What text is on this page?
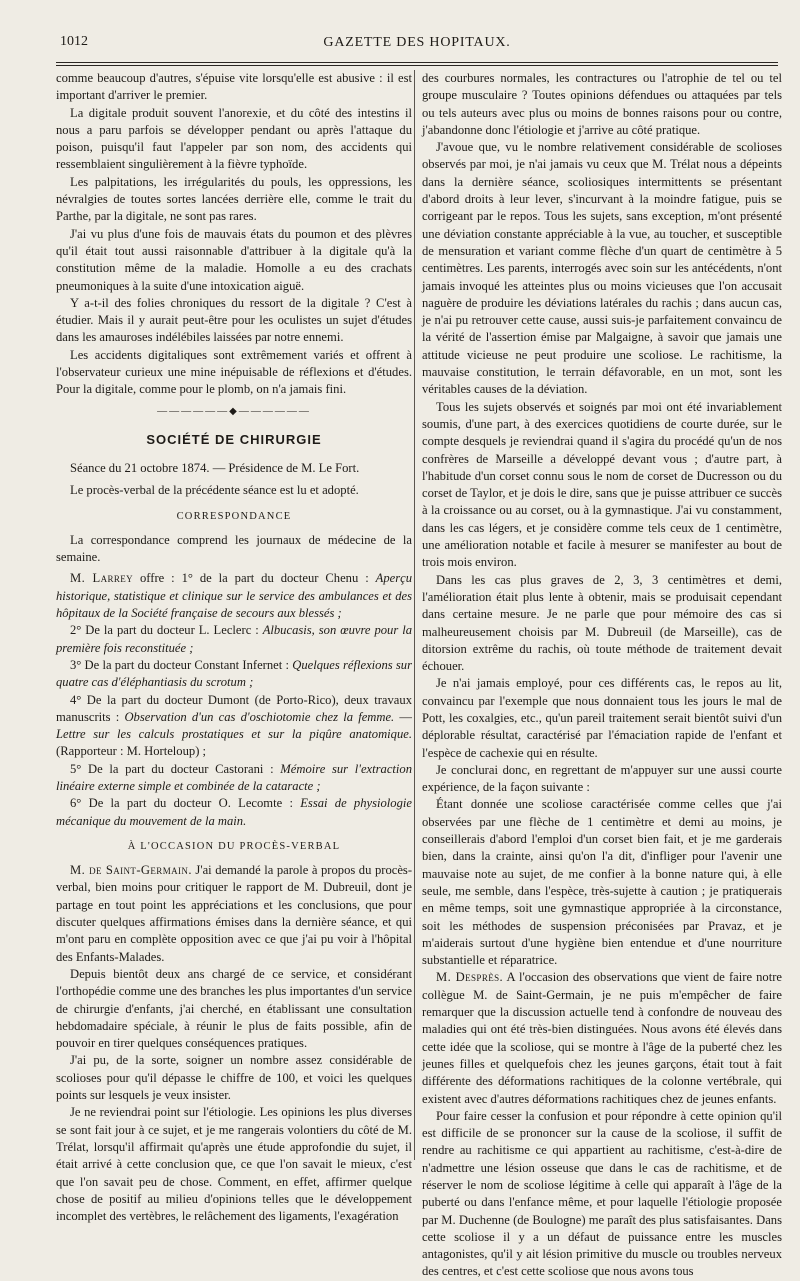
1012	GAZETTE DES HOPITAUX.

comme beaucoup d'autres, s'épuise vite lorsqu'elle est abusive : il est important d'arriver le premier.

La digitale produit souvent l'anorexie, et du côté des intestins il nous a paru parfois se développer pendant ou après l'attaque du poison, puisqu'il faut l'appeler par son nom, des accidents qui ressemblaient singulièrement à la fièvre typhoïde.

Les palpitations, les irrégularités du pouls, les oppressions, les névralgies de toutes sortes lancées derrière elle, comme le trait du Parthe, par la digitale, ne sont pas rares.

J'ai vu plus d'une fois de mauvais états du poumon et des plèvres qu'il était tout aussi raisonnable d'attribuer à la digitale qu'à la constitution même de la maladie. Homolle a eu des crachats pneumoniques à la suite d'une intoxication aiguë.

Y a-t-il des folies chroniques du ressort de la digitale ? C'est à étudier. Mais il y aurait peut-être pour les oculistes un sujet d'études dans les amauroses indélébiles laissées par notre ennemi.

Les accidents digitaliques sont extrêmement variés et offrent à l'observateur curieux une mine inépuisable de réflexions et d'études. Pour la digitale, comme pour le plomb, on n'a jamais fini.

——————◆——————
SOCIÉTÉ DE CHIRURGIE

Séance du 21 octobre 1874. — Présidence de M. Le Fort.

Le procès-verbal de la précédente séance est lu et adopté.

CORRESPONDANCE

La correspondance comprend les journaux de médecine de la semaine.

M. Larrey offre : 1° de la part du docteur Chenu : Aperçu historique, statistique et clinique sur le service des ambulances et des hôpitaux de la Société française de secours aux blessés ;

2° De la part du docteur L. Leclerc : Albucasis, son œuvre pour la première fois reconstituée ;

3° De la part du docteur Constant Infernet : Quelques réflexions sur quatre cas d'éléphantiasis du scrotum ;

4° De la part du docteur Dumont (de Porto-Rico), deux travaux manuscrits : Observation d'un cas d'oschiotomie chez la femme. — Lettre sur les calculs prostatiques et sur la piqûre anatomique. (Rapporteur : M. Horteloup) ;

5° De la part du docteur Castorani : Mémoire sur l'extraction linéaire externe simple et combinée de la cataracte ;

6° De la part du docteur O. Lecomte : Essai de physiologie mécanique du mouvement de la main.

À L'OCCASION DU PROCÈS-VERBAL

M. de Saint-Germain. J'ai demandé la parole à propos du procès-verbal, bien moins pour critiquer le rapport de M. Dubreuil, dont je partage en tout point les appréciations et les conclusions, que pour discuter quelques affirmations émises dans la dernière séance, et qui m'ont paru en complète opposition avec ce que j'ai pu voir à l'hôpital des Enfants-Malades.

Depuis bientôt deux ans chargé de ce service, et considérant l'orthopédie comme une des branches les plus importantes d'un service de chirurgie d'enfants, j'ai cherché, en établissant une consultation hebdomadaire spéciale, à réunir le plus de faits possible, afin de pouvoir en tirer quelques conséquences pratiques.

J'ai pu, de la sorte, soigner un nombre assez considérable de scolioses pour qu'il dépasse le chiffre de 100, et voici les quelques points sur lesquels je veux insister.

Je ne reviendrai point sur l'étiologie. Les opinions les plus diverses se sont fait jour à ce sujet, et je me rangerais volontiers du côté de M. Trélat, lorsqu'il affirmait qu'après une étude approfondie du sujet, il était arrivé à cette conclusion que, ce que l'on savait le mieux, c'est que l'on savait peu de chose. Comment, en effet, affirmer quelque chose de positif au milieu d'opinions telles que le développement incomplet des vertèbres, le relâchement des ligaments, l'exagération

des courbures normales, les contractures ou l'atrophie de tel ou tel groupe musculaire ? Toutes opinions défendues ou attaquées par tels ou tels auteurs avec plus ou moins de bonnes raisons pour ou contre, j'abandonne donc l'étiologie et j'arrive au côté pratique.

J'avoue que, vu le nombre relativement considérable de scolioses observés par moi, je n'ai jamais vu ceux que M. Trélat nous a dépeints dans la dernière séance, scoliosiques intermittents se présentant d'abord droits à leur lever, s'incurvant à la moindre fatigue, puis se corrigeant par le repos. Tous les sujets, sans exception, m'ont présenté une déviation constante appréciable à la vue, au toucher, et susceptible de mensuration et variant comme flèche d'un quart de centimètre à 5 centimètres. Les parents, interrogés avec soin sur les antécédents, n'ont jamais invoqué les atteintes plus ou moins vicieuses que l'on accusait naguère de produire les déviations latérales du rachis ; dans aucun cas, je n'ai pu retrouver cette cause, aussi suis-je parfaitement convaincu de la vérité de l'assertion émise par Malgaigne, à savoir que jamais une attitude vicieuse ne peut produire une scoliose. Le rachitisme, la mauvaise constitution, le terrain défavorable, en un mot, sont les véritables causes de la déviation.

Tous les sujets observés et soignés par moi ont été invariablement soumis, d'une part, à des exercices quotidiens de courte durée, sur le compte desquels je reviendrai quand il s'agira du procédé qu'un de nos confrères de Marseille a développé devant vous ; d'autre part, à l'habitude d'un corset connu sous le nom de corset de Ducresson ou du corset de Taylor, et je dois le dire, sans que je puisse attribuer ce succès à la croissance ou au corset, ou à la gymnastique. J'ai vu constamment, dans les cas légers, et je considère comme tels ceux de 1 centimètre, une amélioration notable et facile à mesurer se manifester au bout de trois mois environ.

Dans les cas plus graves de 2, 3, 3 centimètres et demi, l'amélioration était plus lente à obtenir, mais se produisait cependant dans certaine mesure. Je ne parle que pour mémoire des cas si malheureusement choisis par M. Dubreuil (de Marseille), cas de ditorsion extrême du rachis, où toute méthode de traitement devait échouer.

Je n'ai jamais employé, pour ces différents cas, le repos au lit, convaincu par l'exemple que nous donnaient tous les jours le mal de Pott, les coxalgies, etc., qu'un pareil traitement serait bientôt suivi d'un déplorable résultat, caractérisé par l'émaciation rapide de l'enfant et l'espèce de cachexie qui en résulte.

Je conclurai donc, en regrettant de m'appuyer sur une aussi courte expérience, de la façon suivante :

Étant donnée une scoliose caractérisée comme celles que j'ai observées par une flèche de 1 centimètre et demi au moins, je conseillerais d'abord l'emploi d'un corset bien fait, et je me garderais bien, dans la crainte, ainsi qu'on l'a dit, d'infliger pour l'avenir une mauvaise note au sujet, de me confier à la bonne nature qui, à elle seule, me semble, dans l'espèce, très-sujette à caution ; je pratiquerais en même temps, soit une gymnastique appropriée à la circonstance, soit les méthodes de suspension préconisées par Pravaz, et je m'aiderais surtout d'une hygiène bien entendue et d'une nourriture substantielle et réparatrice.

M. Desprès. A l'occasion des observations que vient de faire notre collègue M. de Saint-Germain, je ne puis m'empêcher de faire remarquer que la discussion actuelle tend à confondre de nouveau des maladies qui ont été très-bien distinguées. Nous avons été élevés dans cette idée que la scoliose, qui se montre à l'âge de la puberté chez les jeunes filles et quelquefois chez les jeunes garçons, était tout à fait différente des déformations rachitiques de la colonne vertébrale, qui existent avec d'autres déformations rachitiques chez de jeunes enfants.

Pour faire cesser la confusion et pour répondre à cette opinion qu'il est difficile de se prononcer sur la cause de la scoliose, il suffit de rendre au rachitisme ce qui appartient au rachitisme, c'est-à-dire de n'admettre une lésion osseuse que dans le cas de rachitisme, et de réserver le nom de scoliose légitime à celle qui apparaît à l'âge de la puberté ou dans l'enfance même, et pour laquelle l'étiologie proposée par M. Duchenne (de Boulogne) me paraît des plus satisfaisantes. Dans cette scoliose il y a un défaut de puissance entre les muscles antagonistes, qu'il y ait lésion primitive du muscle ou troubles nerveux des centres, et c'est cette scoliose que nous avons tous
